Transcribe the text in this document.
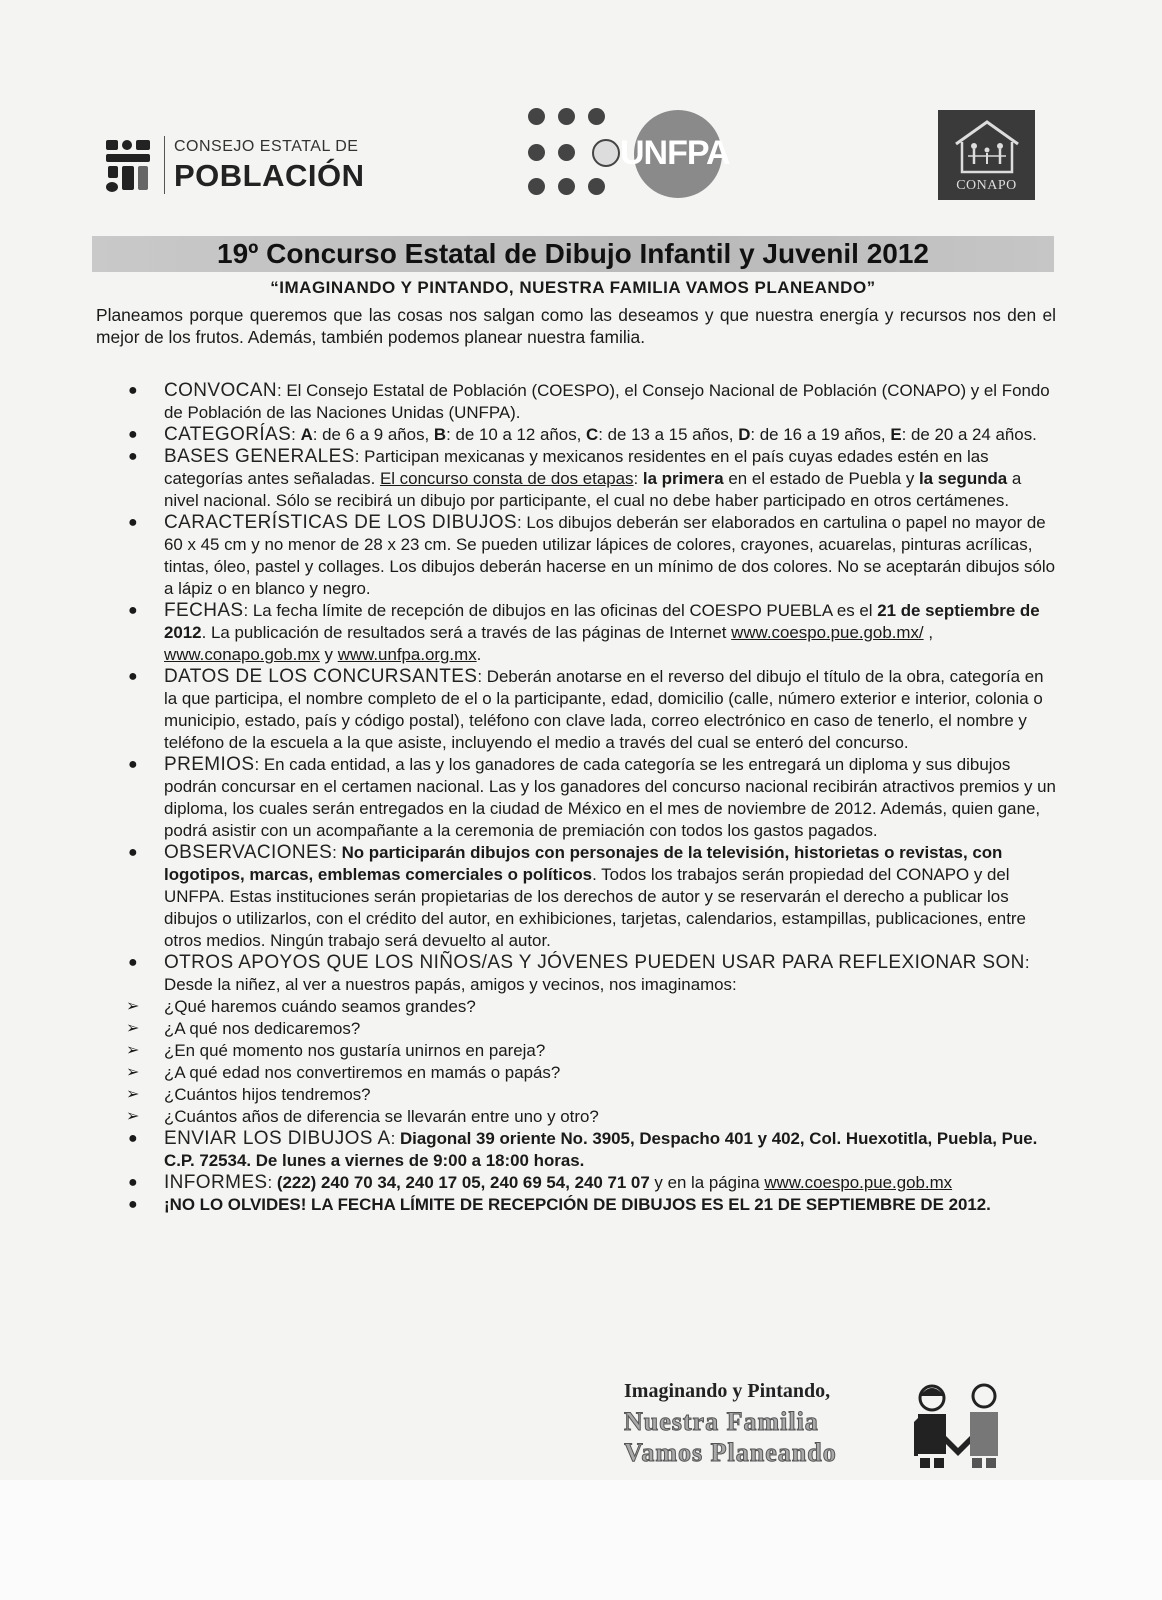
CONSEJO ESTATAL DE
POBLACIÓN
UNFPA
CONAPO
19º Concurso Estatal de Dibujo Infantil y Juvenil 2012
“IMAGINANDO Y PINTANDO, NUESTRA FAMILIA VAMOS PLANEANDO”
Planeamos porque queremos que las cosas nos salgan como las deseamos y que nuestra energía y recursos nos den el mejor de los frutos. Además, también podemos planear nuestra familia.

● CONVOCAN: El Consejo Estatal de Población (COESPO), el Consejo Nacional de Población (CONAPO) y el Fondo de Población de las Naciones Unidas (UNFPA).

● CATEGORÍAS: A: de 6 a 9 años, B: de 10 a 12 años, C: de 13 a 15 años, D: de 16 a 19 años, E: de 20 a 24 años.

● BASES GENERALES: Participan mexicanas y mexicanos residentes en el país cuyas edades estén en las categorías antes señaladas. El concurso consta de dos etapas: la primera en el estado de Puebla y la segunda a nivel nacional. Sólo se recibirá un dibujo por participante, el cual no debe haber participado en otros certámenes.

● CARACTERÍSTICAS DE LOS DIBUJOS: Los dibujos deberán ser elaborados en cartulina o papel no mayor de 60 x 45 cm y no menor de 28 x 23 cm. Se pueden utilizar lápices de colores, crayones, acuarelas, pinturas acrílicas, tintas, óleo, pastel y collages. Los dibujos deberán hacerse en un mínimo de dos colores. No se aceptarán dibujos sólo a lápiz o en blanco y negro.

● FECHAS: La fecha límite de recepción de dibujos en las oficinas del COESPO PUEBLA es el 21 de septiembre de 2012. La publicación de resultados será a través de las páginas de Internet www.coespo.pue.gob.mx/ , www.conapo.gob.mx y www.unfpa.org.mx.

● DATOS DE LOS CONCURSANTES: Deberán anotarse en el reverso del dibujo el título de la obra, categoría en la que participa, el nombre completo de el o la participante, edad, domicilio (calle, número exterior e interior, colonia o municipio, estado, país y código postal), teléfono con clave lada, correo electrónico en caso de tenerlo, el nombre y teléfono de la escuela a la que asiste, incluyendo el medio a través del cual se enteró del concurso.

● PREMIOS: En cada entidad, a las y los ganadores de cada categoría se les entregará un diploma y sus dibujos podrán concursar en el certamen nacional. Las y los ganadores del concurso nacional recibirán atractivos premios y un diploma, los cuales serán entregados en la ciudad de México en el mes de noviembre de 2012. Además, quien gane, podrá asistir con un acompañante a la ceremonia de premiación con todos los gastos pagados.

● OBSERVACIONES: No participarán dibujos con personajes de la televisión, historietas o revistas, con logotipos, marcas, emblemas comerciales o políticos. Todos los trabajos serán propiedad del CONAPO y del UNFPA. Estas instituciones serán propietarias de los derechos de autor y se reservarán el derecho a publicar los dibujos o utilizarlos, con el crédito del autor, en exhibiciones, tarjetas, calendarios, estampillas, publicaciones, entre otros medios. Ningún trabajo será devuelto al autor.

● OTROS APOYOS QUE LOS NIÑOS/AS Y JÓVENES PUEDEN USAR PARA REFLEXIONAR SON: Desde la niñez, al ver a nuestros papás, amigos y vecinos, nos imaginamos:

➢ ¿Qué haremos cuándo seamos grandes?

➢ ¿A qué nos dedicaremos?

➢ ¿En qué momento nos gustaría unirnos en pareja?

➢ ¿A qué edad nos convertiremos en mamás o papás?

➢ ¿Cuántos hijos tendremos?

➢ ¿Cuántos años de diferencia se llevarán entre uno y otro?

● ENVIAR LOS DIBUJOS A: Diagonal 39 oriente No. 3905, Despacho 401 y 402, Col. Huexotitla, Puebla, Pue. C.P. 72534. De lunes a viernes de 9:00 a 18:00 horas.

● INFORMES: (222) 240 70 34, 240 17 05, 240 69 54, 240 71 07 y en la página www.coespo.pue.gob.mx

● ¡NO LO OLVIDES! LA FECHA LÍMITE DE RECEPCIÓN DE DIBUJOS ES EL 21 DE SEPTIEMBRE DE 2012.

Imaginando y Pintando,
Nuestra Familia
Vamos Planeando
